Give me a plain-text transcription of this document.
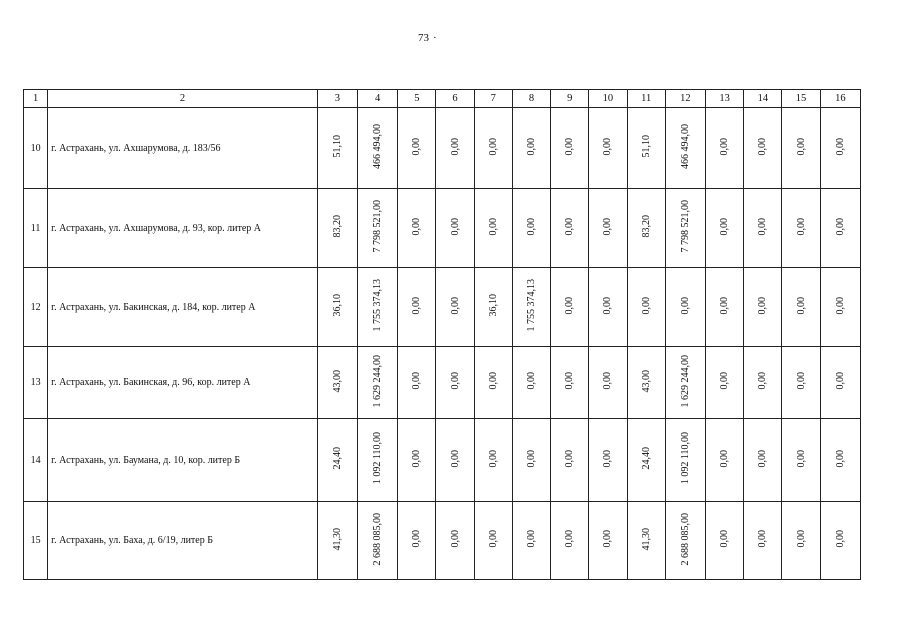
73 ·
1	2	3	4	5	6	7	8	9	10	11	12	13	14	15	16
10	г. Астрахань, ул. Ахшарумова, д. 183/56	51,10	466 494,00	0,00	0,00	0,00	0,00	0,00	0,00	51,10	466 494,00	0,00	0,00	0,00	0,00
11	г. Астрахань, ул. Ахшарумова, д. 93, кор. литер А	83,20	7 798 521,00	0,00	0,00	0,00	0,00	0,00	0,00	83,20	7 798 521,00	0,00	0,00	0,00	0,00
12	г. Астрахань, ул. Бакинская, д. 184, кор. литер А	36,10	1 755 374,13	0,00	0,00	36,10	1 755 374,13	0,00	0,00	0,00	0,00	0,00	0,00	0,00	0,00
13	г. Астрахань, ул. Бакинская, д. 96, кор. литер А	43,00	1 629 244,00	0,00	0,00	0,00	0,00	0,00	0,00	43,00	1 629 244,00	0,00	0,00	0,00	0,00
14	г. Астрахань, ул. Баумана, д. 10, кор. литер Б	24,40	1 092 110,00	0,00	0,00	0,00	0,00	0,00	0,00	24,40	1 092 110,00	0,00	0,00	0,00	0,00
15	г. Астрахань, ул. Баха, д. 6/19, литер Б	41,30	2 688 085,00	0,00	0,00	0,00	0,00	0,00	0,00	41,30	2 688 085,00	0,00	0,00	0,00	0,00
